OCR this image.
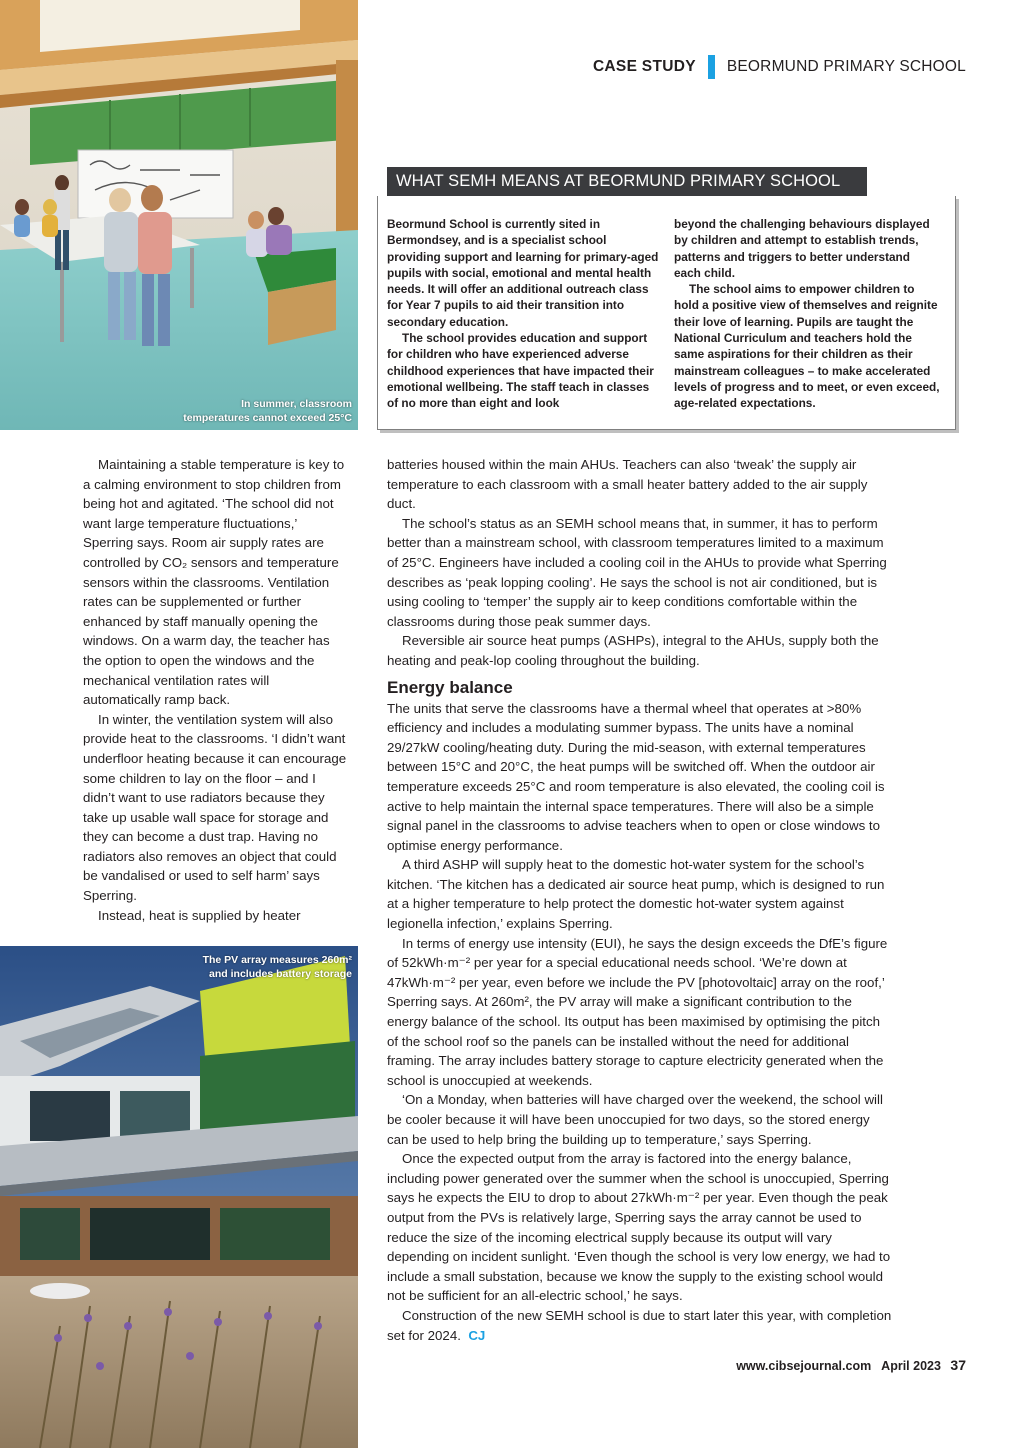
CASE STUDY BEORMUND PRIMARY SCHOOL
In summer, classroom
temperatures cannot exceed 25°C
WHAT SEMH MEANS AT BEORMUND PRIMARY SCHOOL

Beormund School is currently sited in Bermondsey, and is a specialist school providing support and learning for primary-aged pupils with social, emotional and mental health needs. It will offer an additional outreach class for Year 7 pupils to aid their transition into secondary education.

The school provides education and support for children who have experienced adverse childhood experiences that have impacted their emotional wellbeing. The staff teach in classes of no more than eight and look

beyond the challenging behaviours displayed by children and attempt to establish trends, patterns and triggers to better understand each child.

The school aims to empower children to hold a positive view of themselves and reignite their love of learning. Pupils are taught the National Curriculum and teachers hold the same aspirations for their children as their mainstream colleagues – to make accelerated levels of progress and to meet, or even exceed, age-related expectations.

Maintaining a stable temperature is key to a calming environment to stop children from being hot and agitated. ‘The school did not want large temperature fluctuations,’ Sperring says. Room air supply rates are controlled by CO₂ sensors and temperature sensors within the classrooms. Ventilation rates can be supplemented or further enhanced by staff manually opening the windows. On a warm day, the teacher has the option to open the windows and the mechanical ventilation rates will automatically ramp back.

In winter, the ventilation system will also provide heat to the classrooms. ‘I didn’t want underfloor heating because it can encourage some children to lay on the floor – and I didn’t want to use radiators because they take up usable wall space for storage and they can become a dust trap. Having no radiators also removes an object that could be vandalised or used to self harm’ says Sperring.

Instead, heat is supplied by heater

The PV array measures 260m²
and includes battery storage

batteries housed within the main AHUs. Teachers can also ‘tweak’ the supply air temperature to each classroom with a small heater battery added to the air supply duct.

The school’s status as an SEMH school means that, in summer, it has to perform better than a mainstream school, with classroom temperatures limited to a maximum of 25°C. Engineers have included a cooling coil in the AHUs to provide what Sperring describes as ‘peak lopping cooling’. He says the school is not air conditioned, but is using cooling to ‘temper’ the supply air to keep conditions comfortable within the classrooms during those peak summer days.

Reversible air source heat pumps (ASHPs), integral to the AHUs, supply both the heating and peak-lop cooling throughout the building.

Energy balance

The units that serve the classrooms have a thermal wheel that operates at >80% efficiency and includes a modulating summer bypass. The units have a nominal 29/27kW cooling/heating duty. During the mid-season, with external temperatures between 15°C and 20°C, the heat pumps will be switched off. When the outdoor air temperature exceeds 25°C and room temperature is also elevated, the cooling coil is active to help maintain the internal space temperatures. There will also be a simple signal panel in the classrooms to advise teachers when to open or close windows to optimise energy performance.

A third ASHP will supply heat to the domestic hot-water system for the school’s kitchen. ‘The kitchen has a dedicated air source heat pump, which is designed to run at a higher temperature to help protect the domestic hot-water system against legionella infection,’ explains Sperring.

In terms of energy use intensity (EUI), he says the design exceeds the DfE’s figure of 52kWh·m⁻² per year for a special educational needs school. ‘We’re down at 47kWh·m⁻² per year, even before we include the PV [photovoltaic] array on the roof,’ Sperring says. At 260m², the PV array will make a significant contribution to the energy balance of the school. Its output has been maximised by optimising the pitch of the school roof so the panels can be installed without the need for additional framing. The array includes battery storage to capture electricity generated when the school is unoccupied at weekends.

‘On a Monday, when batteries will have charged over the weekend, the school will be cooler because it will have been unoccupied for two days, so the stored energy can be used to help bring the building up to temperature,’ says Sperring.

Once the expected output from the array is factored into the energy balance, including power generated over the summer when the school is unoccupied, Sperring says he expects the EIU to drop to about 27kWh·m⁻² per year. Even though the peak output from the PVs is relatively large, Sperring says the array cannot be used to reduce the size of the incoming electrical supply because its output will vary depending on incident sunlight. ‘Even though the school is very low energy, we had to include a small substation, because we know the supply to the existing school would not be sufficient for an all-electric school,’ he says.

Construction of the new SEMH school is due to start later this year, with completion set for 2024. CJ

www.cibsejournal.com April 2023 37
